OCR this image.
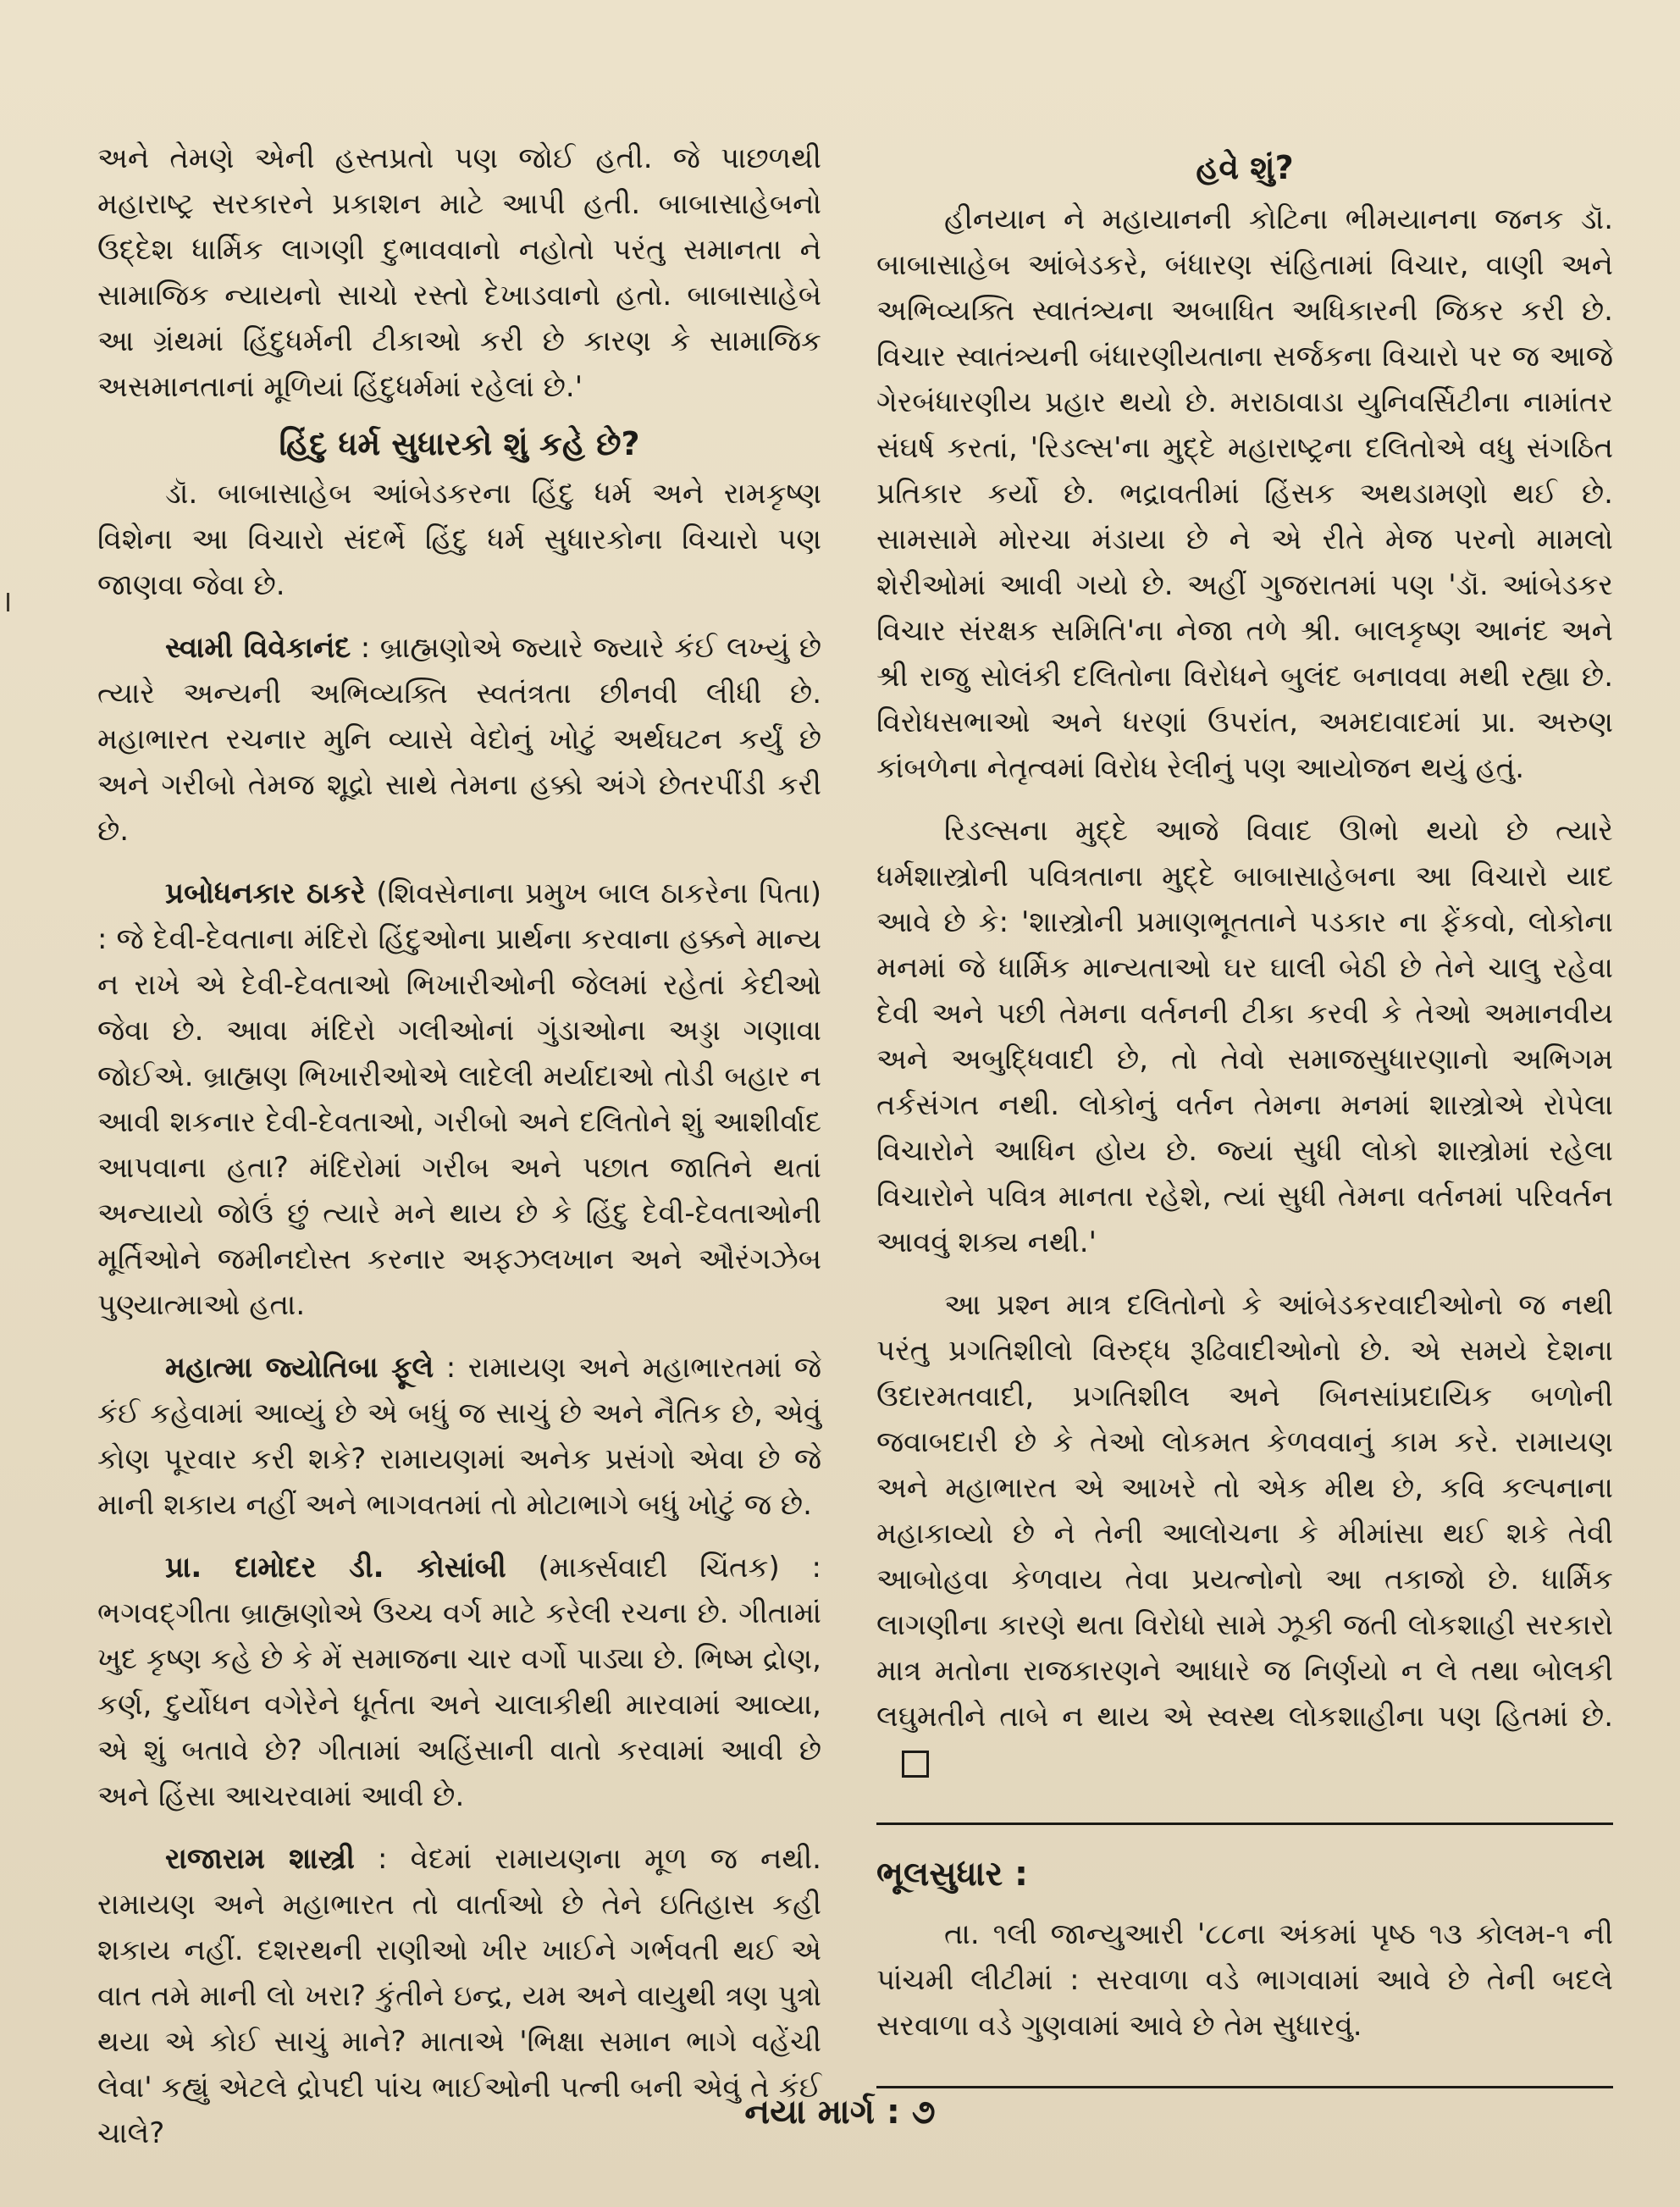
અને તેમણે એની હસ્તપ્રતો પણ જોઈ હતી. જે પાછળથી મહારાષ્ટ્ર સરકારને પ્રકાશન માટે આપી હતી. બાબાસાહેબનો ઉદ્દેશ ધાર્મિક લાગણી દુભાવવાનો નહોતો પરંતુ સમાનતા ને સામાજિક ન્યાયનો સાચો રસ્તો દેખાડવાનો હતો. બાબાસાહેબે આ ગ્રંથમાં હિંદુધર્મની ટીકાઓ કરી છે કારણ કે સામાજિક અસમાનતાનાં મૂળિયાં હિંદુધર્મમાં રહેલાં છે.'

હિંદુ ધર્મ સુધારકો શું કહે છે?

ડૉ. બાબાસાહેબ આંબેડકરના હિંદુ ધર્મ અને રામકૃષ્ણ વિશેના આ વિચારો સંદર્ભે હિંદુ ધર્મ સુધારકોના વિચારો પણ જાણવા જેવા છે.

સ્વામી વિવેકાનંદ : બ્રાહ્મણોએ જ્યારે જ્યારે કંઈ લખ્યું છે ત્યારે અન્યની અભિવ્યક્તિ સ્વતંત્રતા છીનવી લીધી છે. મહાભારત રચનાર મુનિ વ્યાસે વેદોનું ખોટું અર્થઘટન કર્યું છે અને ગરીબો તેમજ શૂદ્રો સાથે તેમના હક્કો અંગે છેતરપીંડી કરી છે.

પ્રબોધનકાર ઠાકરે (શિવસેનાના પ્રમુખ બાલ ઠાકરેના પિતા) : જે દેવી-દેવતાના મંદિરો હિંદુઓના પ્રાર્થના કરવાના હક્કને માન્ય ન રાખે એ દેવી-દેવતાઓ ભિખારીઓની જેલમાં રહેતાં કેદીઓ જેવા છે. આવા મંદિરો ગલીઓનાં ગુંડાઓના અડ્ડા ગણાવા જોઈએ. બ્રાહ્મણ ભિખારીઓએ લાદેલી મર્યાદાઓ તોડી બહાર ન આવી શકનાર દેવી-દેવતાઓ, ગરીબો અને દલિતોને શું આશીર્વાદ આપવાના હતા? મંદિરોમાં ગરીબ અને પછાત જાતિને થતાં અન્યાયો જોઉં છું ત્યારે મને થાય છે કે હિંદુ દેવી-દેવતાઓની મૂર્તિઓને જમીનદોસ્ત કરનાર અફઝલખાન અને ઔરંગઝેબ પુણ્યાત્માઓ હતા.

મહાત્મા જ્યોતિબા ફૂલે : રામાયણ અને મહાભારતમાં જે કંઈ કહેવામાં આવ્યું છે એ બધું જ સાચું છે અને નૈતિક છે, એવું કોણ પૂરવાર કરી શકે? રામાયણમાં અનેક પ્રસંગો એવા છે જે માની શકાય નહીં અને ભાગવતમાં તો મોટાભાગે બધું ખોટું જ છે.

પ્રા. દામોદર ડી. કોસાંબી (માર્ક્સવાદી ચિંતક) : ભગવદ્ગીતા બ્રાહ્મણોએ ઉચ્ચ વર્ગ માટે કરેલી રચના છે. ગીતામાં ખુદ કૃષ્ણ કહે છે કે મેં સમાજના ચાર વર્ગો પાડ્યા છે. ભિષ્મ દ્રોણ, કર્ણ, દુર્યોધન વગેરેને ધૂર્તતા અને ચાલાકીથી મારવામાં આવ્યા, એ શું બતાવે છે? ગીતામાં અહિંસાની વાતો કરવામાં આવી છે અને હિંસા આચરવામાં આવી છે.

રાજારામ શાસ્ત્રી : વેદમાં રામાયણના મૂળ જ નથી. રામાયણ અને મહાભારત તો વાર્તાઓ છે તેને ઇતિહાસ કહી શકાય નહીં. દશરથની રાણીઓ ખીર ખાઈને ગર્ભવતી થઈ એ વાત તમે માની લો ખરા? કુંતીને ઇન્દ્ર, યમ અને વાયુથી ત્રણ પુત્રો થયા એ કોઈ સાચું માને? માતાએ 'ભિક્ષા સમાન ભાગે વહેંચી લેવા' કહ્યું એટલે દ્રોપદી પાંચ ભાઈઓની પત્ની બની એવું તે કંઈ ચાલે?

હવે શું?

હીનયાન ને મહાયાનની કોટિના ભીમયાનના જનક ડૉ. બાબાસાહેબ આંબેડકરે, બંધારણ સંહિતામાં વિચાર, વાણી અને અભિવ્યક્તિ સ્વાતંત્ર્યના અબાધિત અધિકારની જિકર કરી છે. વિચાર સ્વાતંત્ર્યની બંધારણીયતાના સર્જકના વિચારો પર જ આજે ગેરબંધારણીય પ્રહાર થયો છે. મરાઠાવાડા યુનિવર્સિટીના નામાંતર સંઘર્ષ કરતાં, 'રિડલ્સ'ના મુદ્દે મહારાષ્ટ્રના દલિતોએ વધુ સંગઠિત પ્રતિકાર કર્યો છે. ભદ્રાવતીમાં હિંસક અથડામણો થઈ છે. સામસામે મોરચા મંડાયા છે ને એ રીતે મેજ પરનો મામલો શેરીઓમાં આવી ગયો છે. અહીં ગુજરાતમાં પણ 'ડૉ. આંબેડકર વિચાર સંરક્ષક સમિતિ'ના નેજા તળે શ્રી. બાલકૃષ્ણ આનંદ અને શ્રી રાજુ સોલંકી દલિતોના વિરોધને બુલંદ બનાવવા મથી રહ્યા છે. વિરોધસભાઓ અને ધરણાં ઉપરાંત, અમદાવાદમાં પ્રા. અરુણ કાંબળેના નેતૃત્વમાં વિરોધ રેલીનું પણ આયોજન થયું હતું.

રિડલ્સના મુદ્દે આજે વિવાદ ઊભો થયો છે ત્યારે ધર્મશાસ્ત્રોની પવિત્રતાના મુદ્દે બાબાસાહેબના આ વિચારો યાદ આવે છે કે: 'શાસ્ત્રોની પ્રમાણભૂતતાને પડકાર ના ફેંકવો, લોકોના મનમાં જે ધાર્મિક માન્યતાઓ ઘર ઘાલી બેઠી છે તેને ચાલુ રહેવા દેવી અને પછી તેમના વર્તનની ટીકા કરવી કે તેઓ અમાનવીય અને અબુદ્ધિવાદી છે, તો તેવો સમાજસુધારણાનો અભિગમ તર્કસંગત નથી. લોકોનું વર્તન તેમના મનમાં શાસ્ત્રોએ રોપેલા વિચારોને આધિન હોય છે. જ્યાં સુધી લોકો શાસ્ત્રોમાં રહેલા વિચારોને પવિત્ર માનતા રહેશે, ત્યાં સુધી તેમના વર્તનમાં પરિવર્તન આવવું શક્ય નથી.'

આ પ્રશ્ન માત્ર દલિતોનો કે આંબેડકરવાદીઓનો જ નથી પરંતુ પ્રગતિશીલો વિરુદ્ધ રૂઢિવાદીઓનો છે. એ સમયે દેશના ઉદારમતવાદી, પ્રગતિશીલ અને બિનસાંપ્રદાયિક બળોની જવાબદારી છે કે તેઓ લોકમત કેળવવાનું કામ કરે. રામાયણ અને મહાભારત એ આખરે તો એક મીથ છે, કવિ કલ્પનાના મહાકાવ્યો છે ને તેની આલોચના કે મીમાંસા થઈ શકે તેવી આબોહવા કેળવાય તેવા પ્રયત્નોનો આ તકાજો છે. ધાર્મિક લાગણીના કારણે થતા વિરોધો સામે ઝૂકી જતી લોકશાહી સરકારો માત્ર મતોના રાજકારણને આધારે જ નિર્ણયો ન લે તથા બોલકી લઘુમતીને તાબે ન થાય એ સ્વસ્થ લોકશાહીના પણ હિતમાં છે.

ભૂલસુધાર :

તા. ૧લી જાન્યુઆરી '૮૮ના અંકમાં પૃષ્ઠ ૧૩ કોલમ-૧ ની પાંચમી લીટીમાં : સરવાળા વડે ભાગવામાં આવે છે તેની બદલે સરવાળા વડે ગુણવામાં આવે છે તેમ સુધારવું.

નયા માર્ગ : ૭
